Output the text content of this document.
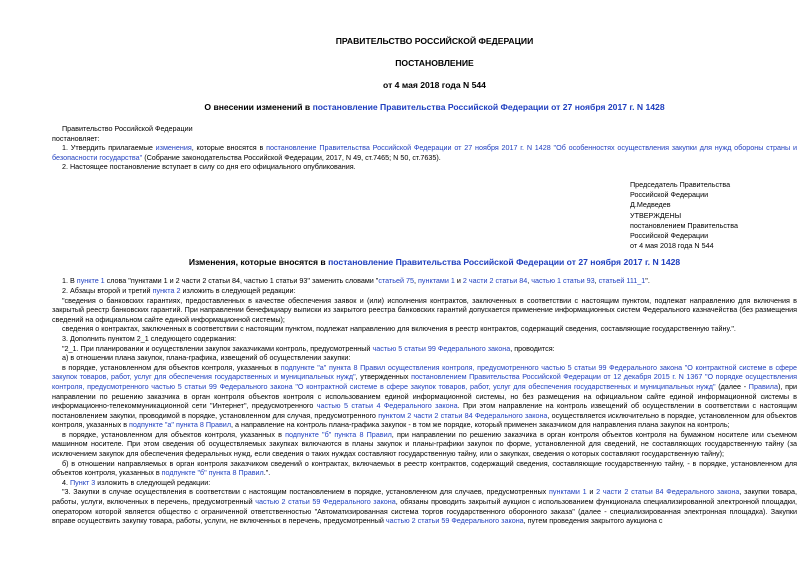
ПРАВИТЕЛЬСТВО РОССИЙСКОЙ ФЕДЕРАЦИИ
ПОСТАНОВЛЕНИЕ
от 4 мая 2018 года N 544
О внесении изменений в постановление Правительства Российской Федерации от 27 ноября 2017 г. N 1428

Правительство Российской Федерации

постановляет:

1. Утвердить прилагаемые изменения, которые вносятся в постановление Правительства Российской Федерации от 27 ноября 2017 г. N 1428 "Об особенностях осуществления закупки для нужд обороны страны и безопасности государства" (Собрание законодательства Российской Федерации, 2017, N 49, ст.7465; N 50, ст.7635).

2. Настоящее постановление вступает в силу со дня его официального опубликования.

Председатель Правительства
Российской Федерации
Д.Медведев
УТВЕРЖДЕНЫ
постановлением Правительства
Российской Федерации
от 4 мая 2018 года N 544
Изменения, которые вносятся в постановление Правительства Российской Федерации от 27 ноября 2017 г. N 1428

1. В пункте 1 слова "пунктами 1 и 2 части 2 статьи 84, частью 1 статьи 93" заменить словами "статьей 75, пунктами 1 и 2 части 2 статьи 84, частью 1 статьи 93, статьей 111_1".

2. Абзацы второй и третий пункта 2 изложить в следующей редакции:

"сведения о банковских гарантиях, предоставленных в качестве обеспечения заявок и (или) исполнения контрактов, заключенных в соответствии с настоящим пунктом, подлежат направлению для включения в закрытый реестр банковских гарантий. При направлении бенефициару выписки из закрытого реестра банковских гарантий допускается применение информационных систем Федерального казначейства (без размещения сведений на официальном сайте единой информационной системы);

сведения о контрактах, заключенных в соответствии с настоящим пунктом, подлежат направлению для включения в реестр контрактов, содержащий сведения, составляющие государственную тайну.".

3. Дополнить пунктом 2_1 следующего содержания:

"2_1. При планировании и осуществлении закупок заказчиками контроль, предусмотренный частью 5 статьи 99 Федерального закона, проводится:

а) в отношении плана закупок, плана-графика, извещений об осуществлении закупки:

в порядке, установленном для объектов контроля, указанных в подпункте "а" пункта 8 Правил осуществления контроля, предусмотренного частью 5 статьи 99 Федерального закона "О контрактной системе в сфере закупок товаров, работ, услуг для обеспечения государственных и муниципальных нужд", утвержденных постановлением Правительства Российской Федерации от 12 декабря 2015 г. N 1367 "О порядке осуществления контроля, предусмотренного частью 5 статьи 99 Федерального закона "О контрактной системе в сфере закупок товаров, работ, услуг для обеспечения государственных и муниципальных нужд" (далее - Правила), при направлении по решению заказчика в орган контроля объектов контроля с использованием единой информационной системы, но без размещения на официальном сайте единой информационной системы в информационно-телекоммуникационной сети "Интернет", предусмотренного частью 5 статьи 4 Федерального закона. При этом направление на контроль извещений об осуществлении в соответствии с настоящим постановлением закупки, проводимой в порядке, установленном для случая, предусмотренного пунктом 2 части 2 статьи 84 Федерального закона, осуществляется исключительно в порядке, установленном для объектов контроля, указанных в подпункте "а" пункта 8 Правил, а направление на контроль плана-графика закупок - в том же порядке, который применен заказчиком для направления плана закупок на контроль;

в порядке, установленном для объектов контроля, указанных в подпункте "б" пункта 8 Правил, при направлении по решению заказчика в орган контроля объектов контроля на бумажном носителе или съемном машинном носителе. При этом сведения об осуществляемых закупках включаются в планы закупок и планы-графики закупок по форме, установленной для сведений, не составляющих государственную тайну (за исключением закупок для обеспечения федеральных нужд, если сведения о таких нуждах составляют государственную тайну, или о закупках, сведения о которых составляют государственную тайну);

б) в отношении направляемых в орган контроля заказчиком сведений о контрактах, включаемых в реестр контрактов, содержащий сведения, составляющие государственную тайну, - в порядке, установленном для объектов контроля, указанных в подпункте "б" пункта 8 Правил.".

4. Пункт 3 изложить в следующей редакции:

"3. Закупки в случае осуществления в соответствии с настоящим постановлением в порядке, установленном для случаев, предусмотренных пунктами 1 и 2 части 2 статьи 84 Федерального закона, закупки товара, работы, услуги, включенных в перечень, предусмотренный частью 2 статьи 59 Федерального закона, обязаны проводить закрытый аукцион с использованием функционала специализированной электронной площадки, оператором которой является общество с ограниченной ответственностью "Автоматизированная система торгов государственного оборонного заказа" (далее - специализированная электронная площадка). Закупки вправе осуществить закупку товара, работы, услуги, не включенных в перечень, предусмотренный частью 2 статьи 59 Федерального закона, путем проведения закрытого аукциона с
